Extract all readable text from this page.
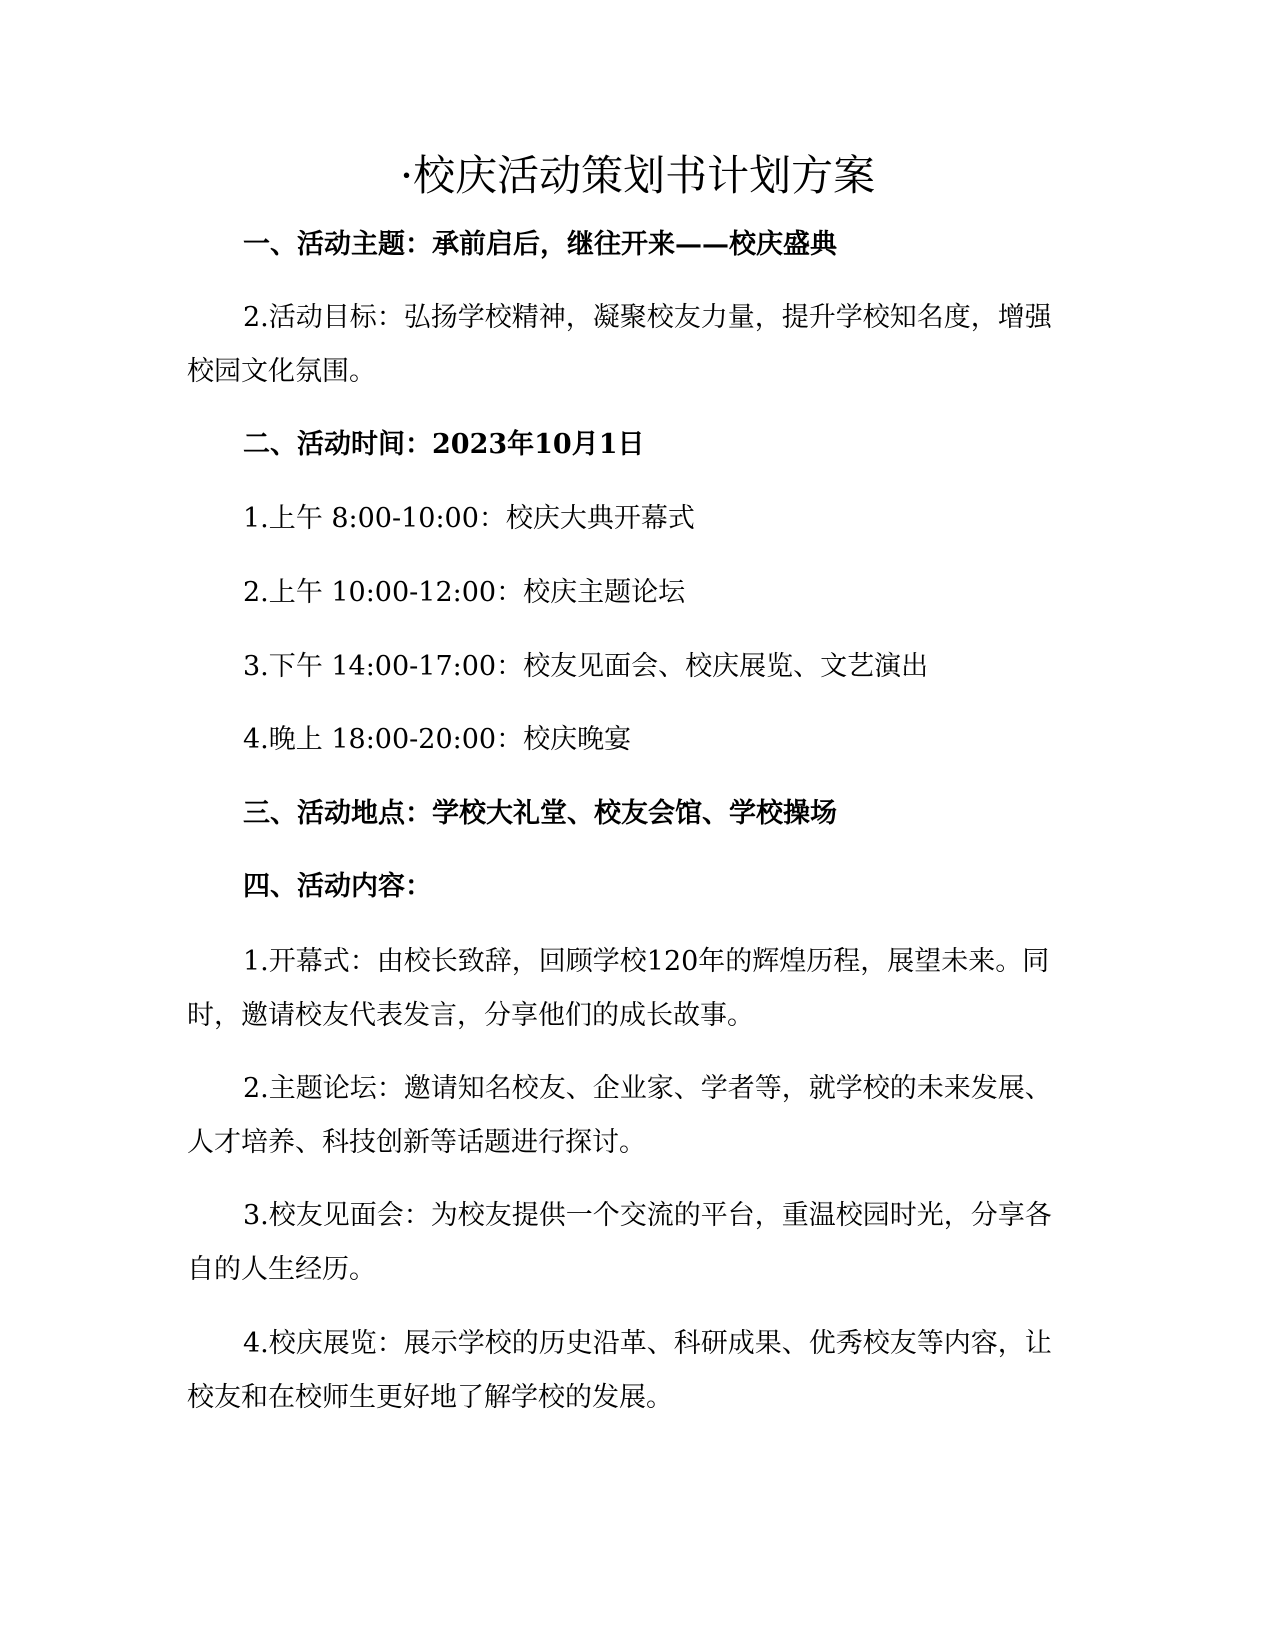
·校庆活动策划书计划方案

一、活动主题：承前启后，继往开来——校庆盛典

2.活动目标：弘扬学校精神，凝聚校友力量，提升学校知名度，增强校园文化氛围。

二、活动时间：2023年10月1日

1.上午 8:00-10:00：校庆大典开幕式

2.上午 10:00-12:00：校庆主题论坛

3.下午 14:00-17:00：校友见面会、校庆展览、文艺演出

4.晚上 18:00-20:00：校庆晚宴

三、活动地点：学校大礼堂、校友会馆、学校操场

四、活动内容：

1.开幕式：由校长致辞，回顾学校120年的辉煌历程，展望未来。同时，邀请校友代表发言，分享他们的成长故事。

2.主题论坛：邀请知名校友、企业家、学者等，就学校的未来发展、人才培养、科技创新等话题进行探讨。

3.校友见面会：为校友提供一个交流的平台，重温校园时光，分享各自的人生经历。

4.校庆展览：展示学校的历史沿革、科研成果、优秀校友等内容，让校友和在校师生更好地了解学校的发展。
